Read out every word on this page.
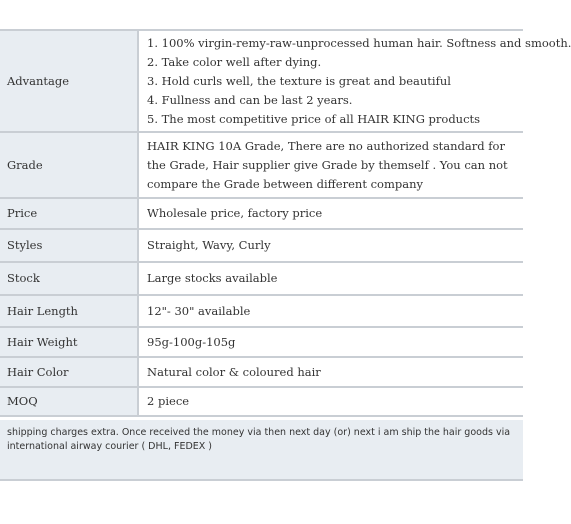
Advantage	1. 100% virgin-remy-raw-unprocessed human hair. Softness and smooth.
2. Take color well after dying.
3. Hold curls well, the texture is great and beautiful
4. Fullness and can be last 2 years.
5. The most competitive price of all HAIR KING products

Grade	HAIR KING 10A Grade, There are no authorized standard for the Grade, Hair supplier give Grade by themself . You can not compare the Grade between different company
Price	Wholesale price, factory price
Styles	Straight, Wavy, Curly
Stock	Large stocks available
Hair Length	12"- 30" available
Hair Weight	95g-100g-105g
Hair Color	Natural color & coloured hair
MOQ	2 piece
shipping charges extra. Once received the money via then next day (or) next i am ship the hair goods via international airway courier ( DHL, FEDEX )
